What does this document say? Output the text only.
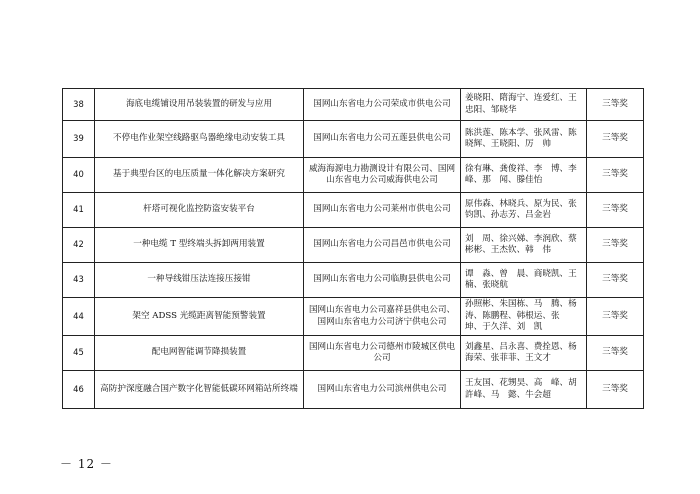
38	海底电缆铺设用吊装装置的研发与应用	国网山东省电力公司荣成市供电公司	姜晓阳、隋海宁、连爱红、王忠阳、邹晓华	三等奖
39	不停电作业架空线路驱鸟器绝缘电动安装工具	国网山东省电力公司五莲县供电公司	陈洪莲、陈本学、张风雷、陈晓辉、王晓阳、厉　帅	三等奖
40	基于典型台区的电压质量一体化解决方案研究	威海海源电力勘测设计有限公司、国网山东省电力公司威海供电公司	徐有琳、龚俊祥、李　博、李　峰、那　闻、滕佳怡	三等奖
41	杆塔可视化监控防盗安装平台	国网山东省电力公司莱州市供电公司	原伟森、林晓兵、原为民、张钧凯、孙志芳、吕金岩	三等奖
42	一种电缆 T 型终端头拆卸两用装置	国网山东省电力公司昌邑市供电公司	刘　周、徐兴娣、李润欣、蔡彬彬、王杰钦、韩　伟	三等奖
43	一种导线钳压法连接压接钳	国网山东省电力公司临朐县供电公司	谭　淼、曾　晨、商晓凯、王　楠、张晓航	三等奖
44	架空 ADSS 光缆距离智能预警装置	国网山东省电力公司嘉祥县供电公司、国网山东省电力公司济宁供电公司	孙照彬、朱国栋、马　腾、杨　涛、陈鹏程、韩根运、张　坤、于久洋、刘　凯	三等奖
45	配电网智能调节降损装置	国网山东省电力公司德州市陵城区供电公司	刘鑫星、吕永喜、费拴恩、杨海荣、张菲菲、王文才	三等奖
46	高防护深度融合国产数字化智能低碳环网箱站所终端	国网山东省电力公司滨州供电公司	王友国、花甥昊、高　峰、胡許峰、马　懿、牛会超	三等奖
－ 12 －
